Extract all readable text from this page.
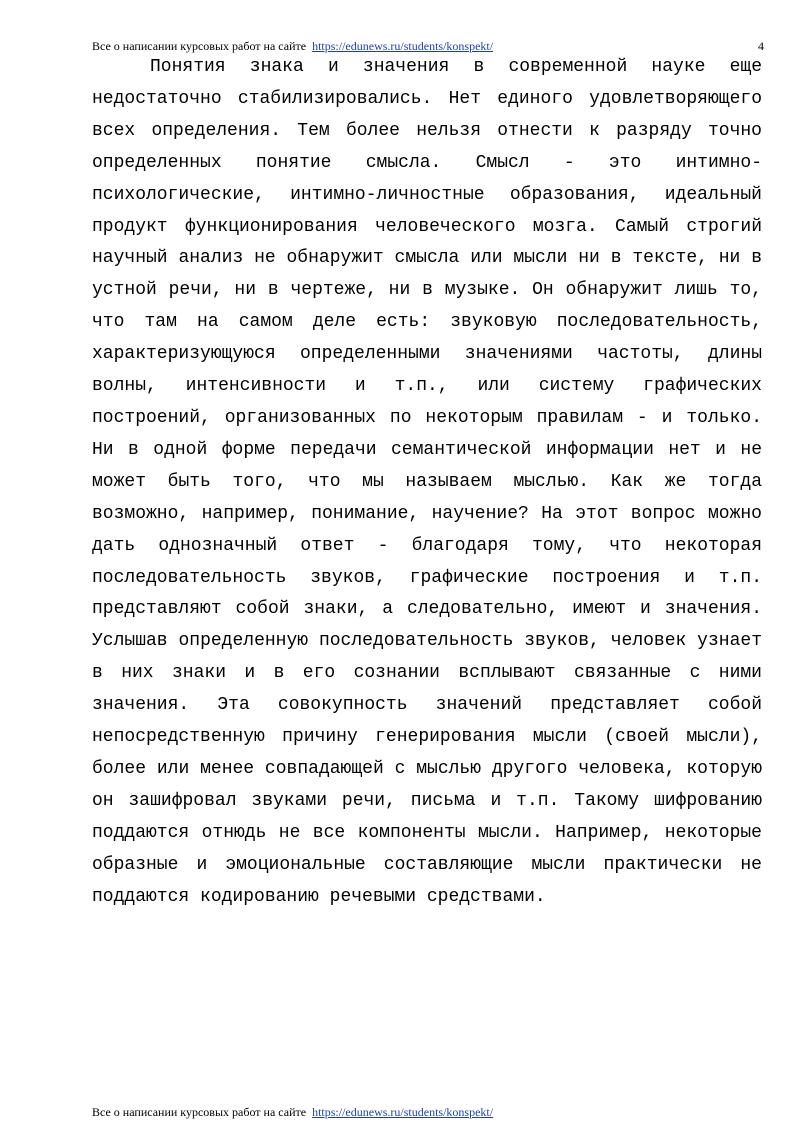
Все о написании курсовых работ на сайте https://edunews.ru/students/konspekt/	4

Понятия знака и значения в современной науке еще недостаточно стабилизировались. Нет единого удовлетворяющего всех определения. Тем более нельзя отнести к разряду точно определенных понятие смысла. Смысл - это интимно-психологические, интимно-личностные образования, идеальный продукт функционирования человеческого мозга. Самый строгий научный анализ не обнаружит смысла или мысли ни в тексте, ни в устной речи, ни в чертеже, ни в музыке. Он обнаружит лишь то, что там на самом деле есть: звуковую последовательность, характеризующуюся определенными значениями частоты, длины волны, интенсивности и т.п., или систему графических построений, организованных по некоторым правилам - и только. Ни в одной форме передачи семантической информации нет и не может быть того, что мы называем мыслью. Как же тогда возможно, например, понимание, научение? На этот вопрос можно дать однозначный ответ - благодаря тому, что некоторая последовательность звуков, графические построения и т.п. представляют собой знаки, а следовательно, имеют и значения. Услышав определенную последовательность звуков, человек узнает в них знаки и в его сознании всплывают связанные с ними значения. Эта совокупность значений представляет собой непосредственную причину генерирования мысли (своей мысли), более или менее совпадающей с мыслью другого человека, которую он зашифровал звуками речи, письма и т.п. Такому шифрованию поддаются отнюдь не все компоненты мысли. Например, некоторые образные и эмоциональные составляющие мысли практически не поддаются кодированию речевыми средствами.

Все о написании курсовых работ на сайте https://edunews.ru/students/konspekt/
